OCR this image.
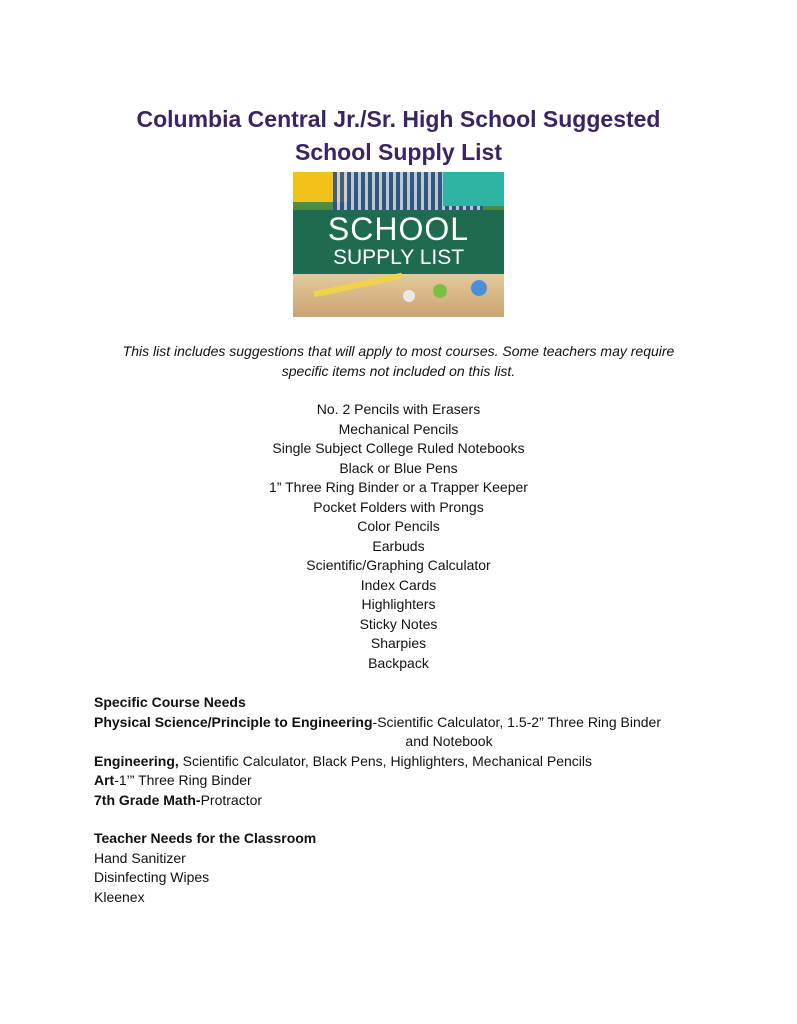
Columbia Central Jr./Sr. High School Suggested
School Supply List
SCHOOL
SUPPLY LIST
This list includes suggestions that will apply to most courses. Some teachers may require
specific items not included on this list.
No. 2 Pencils with Erasers
Mechanical Pencils
Single Subject College Ruled Notebooks
Black or Blue Pens
1” Three Ring Binder or a Trapper Keeper
Pocket Folders with Prongs
Color Pencils
Earbuds
Scientific/Graphing Calculator
Index Cards
Highlighters
Sticky Notes
Sharpies
Backpack
Specific Course Needs
Physical Science/Principle to Engineering-Scientific Calculator, 1.5-2” Three Ring Binder
and Notebook
Engineering, Scientific Calculator, Black Pens, Highlighters, Mechanical Pencils
Art-1’” Three Ring Binder
7th Grade Math-Protractor
Teacher Needs for the Classroom
Hand Sanitizer
Disinfecting Wipes
Kleenex
